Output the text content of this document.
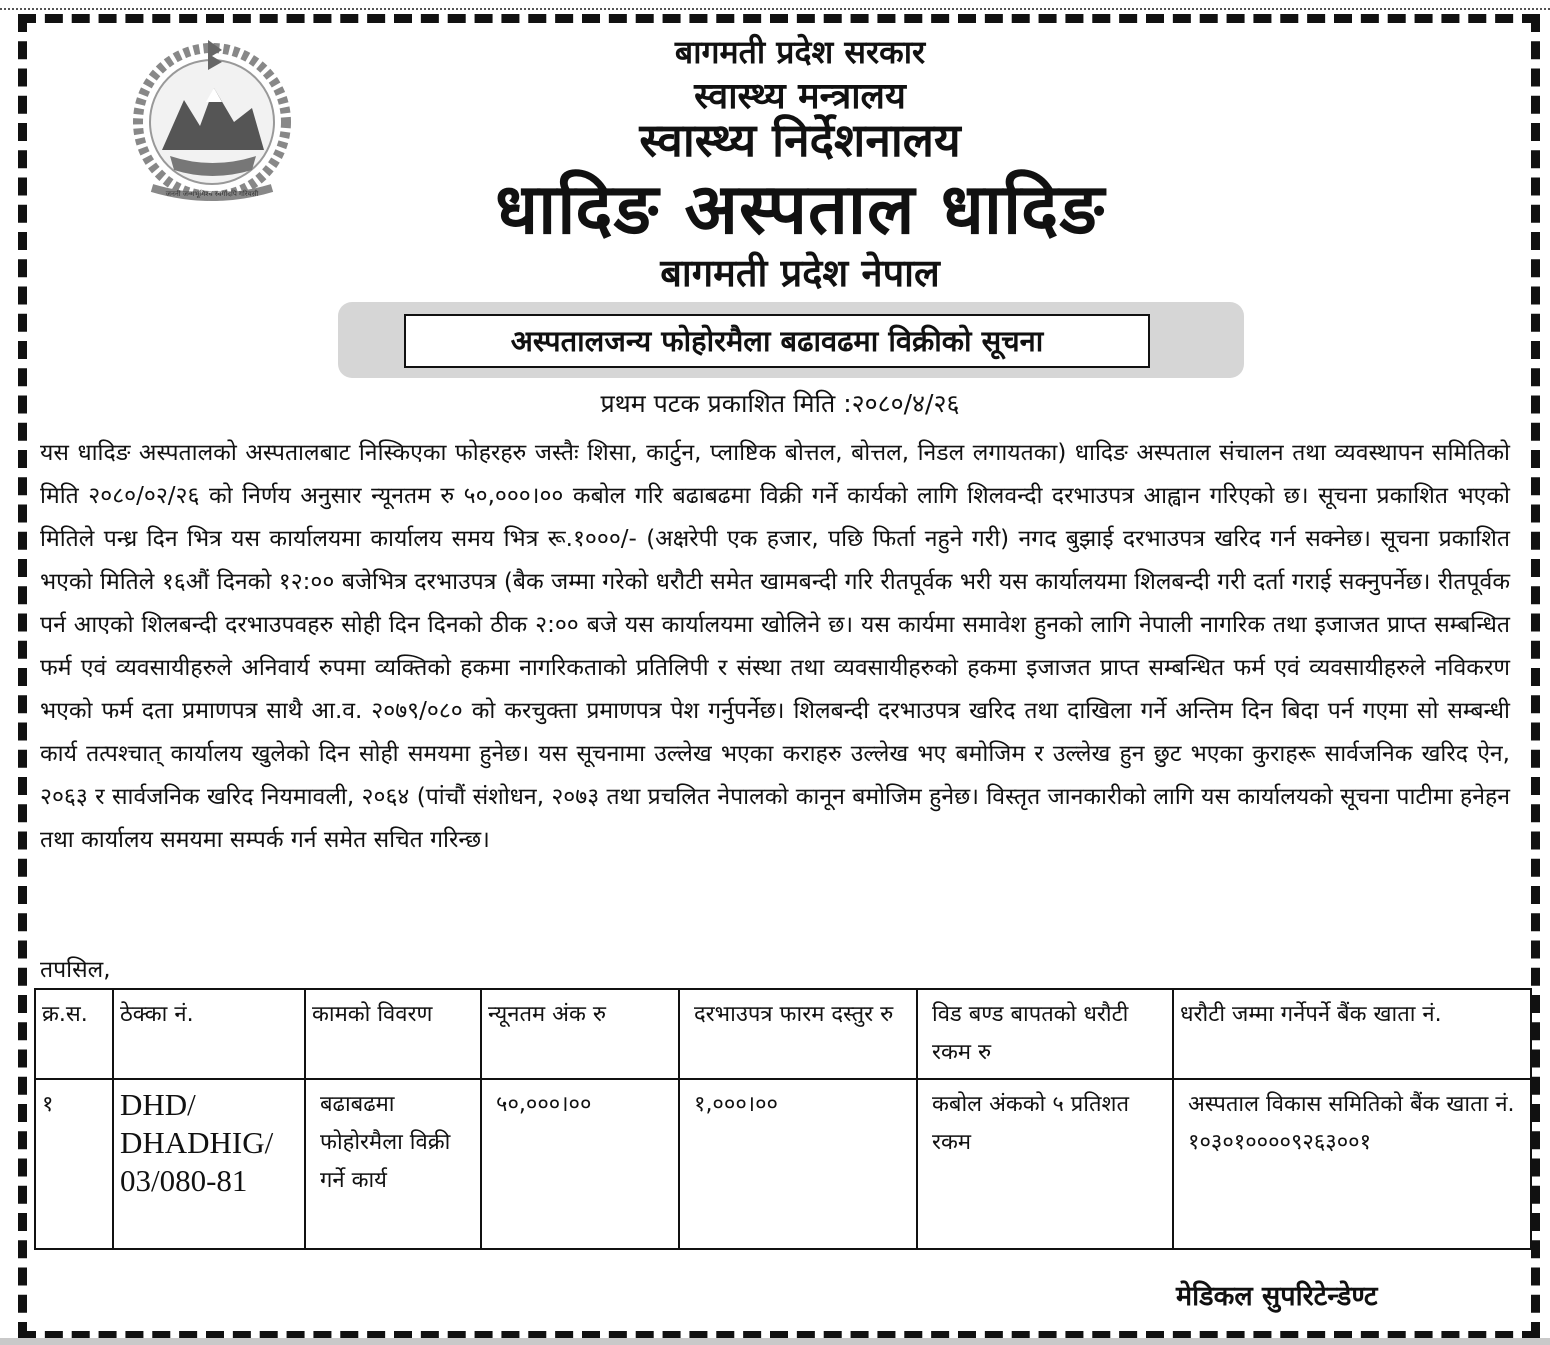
जननी जन्मभूमिश्च स्वर्गादपि गरियसी
बागमती प्रदेश सरकार
स्वास्थ्य मन्त्रालय
स्वास्थ्य निर्देशनालय
धादिङ अस्पताल धादिङ
बागमती प्रदेश नेपाल
अस्पतालजन्य फोहोरमैला बढावढमा विक्रीको सूचना
प्रथम पटक प्रकाशित मिति :२०८०/४/२६

यस धादिङ अस्पतालको अस्पतालबाट निस्किएका फोहरहरु जस्तैः शिसा, कार्टुन, प्लाष्टिक बोत्तल, बोत्तल, निडल लगायतका) धादिङ अस्पताल संचालन तथा व्यवस्थापन समितिको मिति २०८०/०२/२६ को निर्णय अनुसार न्यूनतम रु ५०,०००।०० कबोल गरि बढाबढमा विक्री गर्ने कार्यको लागि शिलवन्दी दरभाउपत्र आह्वान गरिएको छ। सूचना प्रकाशित भएको मितिले पन्ध्र दिन भित्र यस कार्यालयमा कार्यालय समय भित्र रू.१०००/- (अक्षरेपी एक हजार, पछि फिर्ता नहुने गरी) नगद बुझाई दरभाउपत्र खरिद गर्न सक्नेछ। सूचना प्रकाशित भएको मितिले १६औं दिनको १२:०० बजेभित्र दरभाउपत्र (बैक जम्मा गरेको धरौटी समेत खामबन्दी गरि रीतपूर्वक भरी यस कार्यालयमा शिलबन्दी गरी दर्ता गराई सक्नुपर्नेछ। रीतपूर्वक पर्न आएको शिलबन्दी दरभाउपवहरु सोही दिन दिनको ठीक २:०० बजे यस कार्यालयमा खोलिने छ। यस कार्यमा समावेश हुनको लागि नेपाली नागरिक तथा इजाजत प्राप्त सम्बन्धित फर्म एवं व्यवसायीहरुले अनिवार्य रुपमा व्यक्तिको हकमा नागरिकताको प्रतिलिपी र संस्था तथा व्यवसायीहरुको हकमा इजाजत प्राप्त सम्बन्धित फर्म एवं व्यवसायीहरुले नविकरण भएको फर्म दता प्रमाणपत्र साथै आ.व. २०७९/०८० को करचुक्ता प्रमाणपत्र पेश गर्नुपर्नेछ। शिलबन्दी दरभाउपत्र खरिद तथा दाखिला गर्ने अन्तिम दिन बिदा पर्न गएमा सो सम्बन्धी कार्य तत्पश्चात् कार्यालय खुलेको दिन सोही समयमा हुनेछ। यस सूचनामा उल्लेख भएका कराहरु उल्लेख भए बमोजिम र उल्लेख हुन छुट भएका कुराहरू सार्वजनिक खरिद ऐन, २०६३ र सार्वजनिक खरिद नियमावली, २०६४ (पांचौं संशोधन, २०७३ तथा प्रचलित नेपालको कानून बमोजिम हुनेछ। विस्तृत जानकारीको लागि यस कार्यालयको सूचना पाटीमा हनेहन तथा कार्यालय समयमा सम्पर्क गर्न समेत सचित गरिन्छ।

तपसिल,
क्र.स.	ठेक्का नं.	कामको विवरण	न्यूनतम अंक रु	दरभाउपत्र फारम दस्तुर रु	विड बण्ड बापतको धरौटी रकम रु	धरौटी जम्मा गर्नेपर्ने बैंक खाता नं.
१	DHD/ DHADHIG/ 03/080-81	बढाबढमा फोहोरमैला विक्री गर्ने कार्य	५०,०००।००	१,०००।००	कबोल अंकको ५ प्रतिशत रकम	अस्पताल विकास समितिको बैंक खाता नं. १०३०१००००९२६३००१
मेडिकल सुपरिटेन्डेण्ट
